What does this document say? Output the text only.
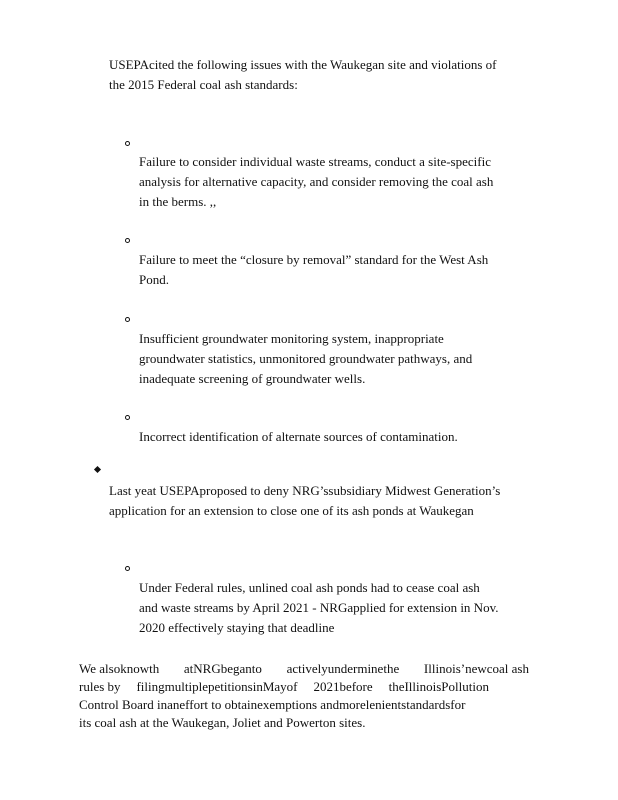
USEPAcited the following issues with the Waukegan site and violations of
the 2015 Federal coal ash standards:
Failure to consider individual waste streams, conduct a site-specific
analysis for alternative capacity, and consider removing the coal ash
in the berms. ,,
Failure to meet the “closure by removal” standard for the West Ash
Pond.
Insufficient groundwater monitoring system, inappropriate
groundwater statistics, unmonitored groundwater pathways, and
inadequate screening of groundwater wells.
Incorrect identification of alternate sources of contamination.
Last yeat USEPAproposed to deny NRG’ssubsidiary Midwest Generation’s
application for an extension to close one of its ash ponds at Waukegan
Under Federal rules, unlined coal ash ponds had to cease coal ash
and waste streams by April 2021 - NRGapplied for extension in Nov.
2020 effectively staying that deadline
We alsoknowth atNRGbeganto activelyunderminethe Illinois’newcoal ash
rules by filingmultiplepetitionsinMayof 2021before theIllinoisPollution
Control Board inaneffort to obtainexemptions andmorelenientstandardsfor
its coal ash at the Waukegan, Joliet and Powerton sites.
